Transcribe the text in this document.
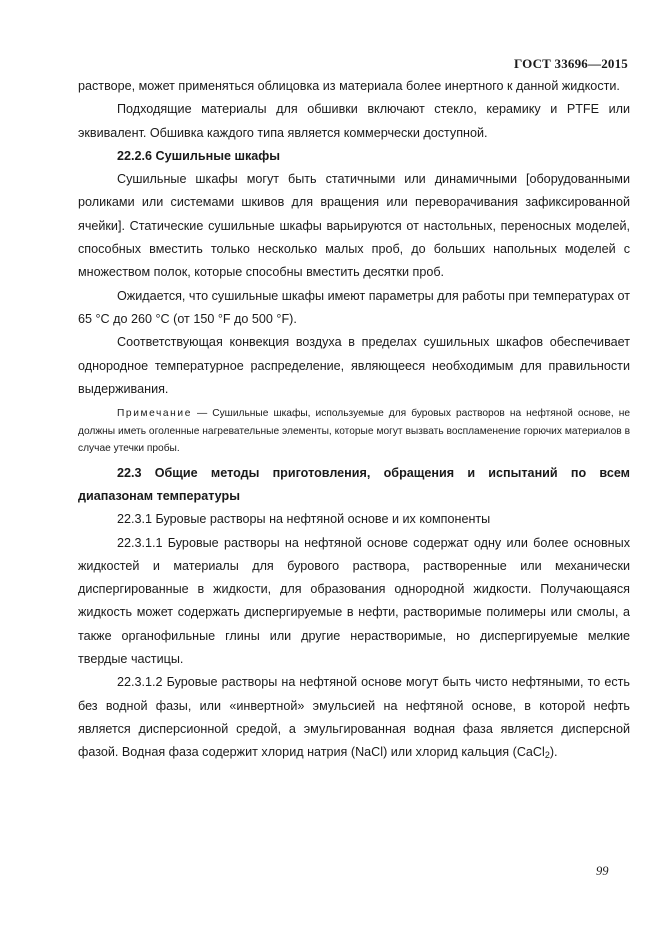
ГОСТ 33696—2015

растворе, может применяться облицовка из материала более инертного к данной жидкости.

Подходящие материалы для обшивки включают стекло, керамику и PTFE или эквивалент. Обшивка каждого типа является коммерчески доступной.

22.2.6 Сушильные шкафы

Сушильные шкафы могут быть статичными или динамичными [оборудованными роликами или системами шкивов для вращения или переворачивания зафиксированной ячейки]. Статические сушильные шкафы варьируются от настольных, переносных моделей, способных вместить только несколько малых проб, до больших напольных моделей с множеством полок, которые способны вместить десятки проб.

Ожидается, что сушильные шкафы имеют параметры для работы при температурах от 65 °С до 260 °С (от 150 °F до 500 °F).

Соответствующая конвекция воздуха в пределах сушильных шкафов обеспечивает однородное температурное распределение, являющееся необходимым для правильности выдерживания.

Примечание — Сушильные шкафы, используемые для буровых растворов на нефтяной основе, не должны иметь оголенные нагревательные элементы, которые могут вызвать воспламенение горючих материалов в случае утечки пробы.

22.3 Общие методы приготовления, обращения и испытаний по всем диапазонам температуры

22.3.1 Буровые растворы на нефтяной основе и их компоненты

22.3.1.1 Буровые растворы на нефтяной основе содержат одну или более основных жидкостей и материалы для бурового раствора, растворенные или механически диспергированные в жидкости, для образования однородной жидкости. Получающаяся жидкость может содержать диспергируемые в нефти, растворимые полимеры или смолы, а также органофильные глины или другие нерастворимые, но диспергируемые мелкие твердые частицы.

22.3.1.2 Буровые растворы на нефтяной основе могут быть чисто нефтяными, то есть без водной фазы, или «инвертной» эмульсией на нефтяной основе, в которой нефть является дисперсионной средой, а эмульгированная водная фаза является дисперсной фазой. Водная фаза содержит хлорид натрия (NaCl) или хлорид кальция (CaCl$_2$).

99
